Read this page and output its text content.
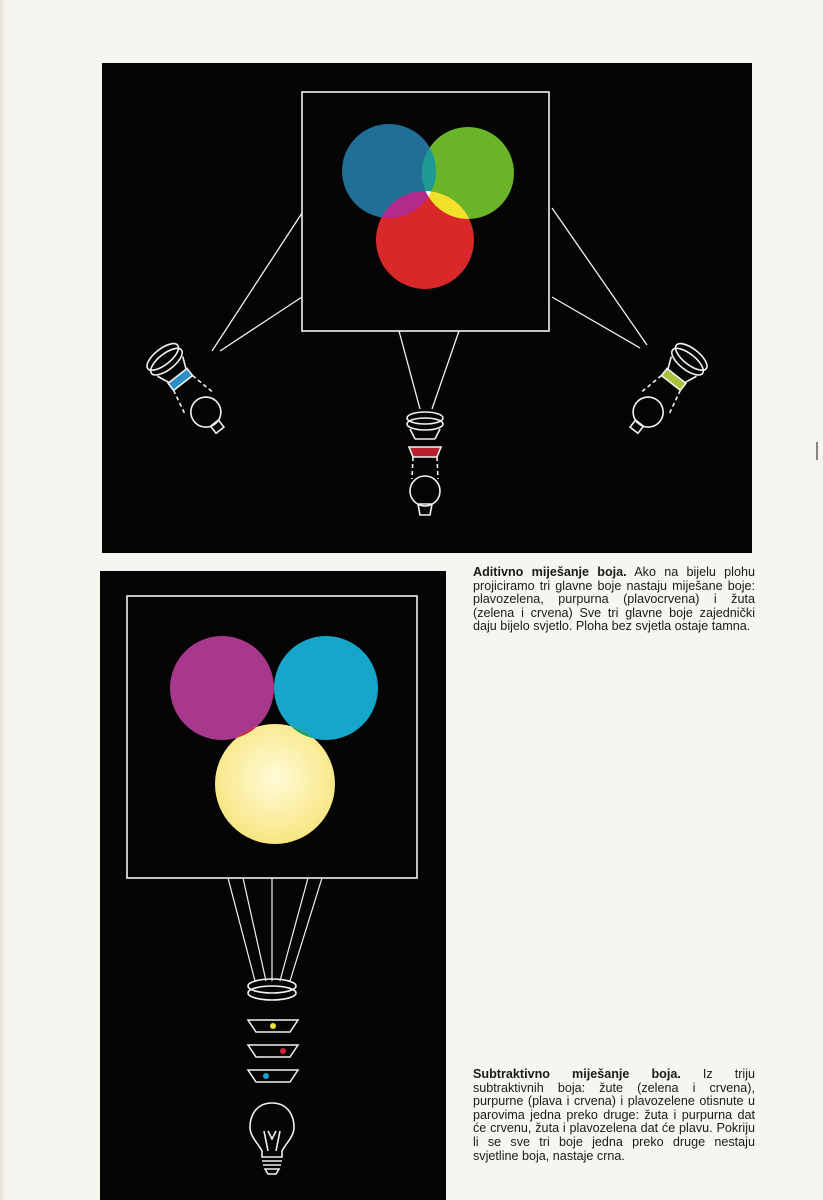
Aditivno miješanje boja. Ako na bijelu plohu projiciramo tri glavne boje nastaju miješane boje: plavozelena, purpurna (plavocrvena) i žuta (zelena i crvena) Sve tri glavne boje zajednički daju bijelo svjetlo. Ploha bez svjetla ostaje tamna.

Subtraktivno miješanje boja. Iz triju subtraktivnih boja: žute (zelena i crvena), purpurne (plava i crvena) i plavozelene otisnute u parovima jedna preko druge: žuta i purpurna dat će crvenu, žuta i plavozelena dat će plavu. Pokriju li se sve tri boje jedna preko druge nestaju svjetline boja, nastaje crna.
